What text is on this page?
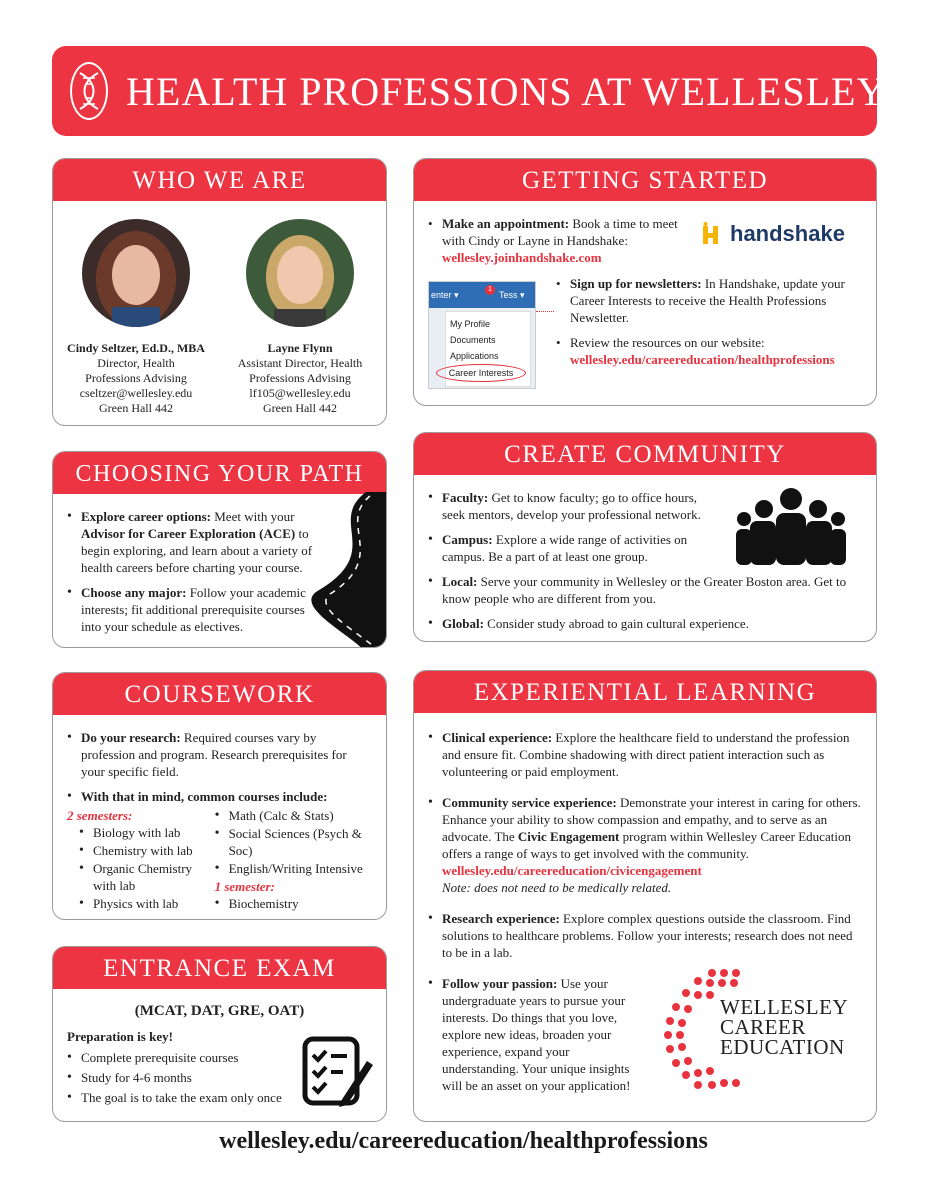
HEALTH PROFESSIONS AT WELLESLEY
WHO WE ARE
Cindy Seltzer, Ed.D., MBA
Director, Health
Professions Advising
cseltzer@wellesley.edu
Green Hall 442
Layne Flynn
Assistant Director, Health
Professions Advising
lf105@wellesley.edu
Green Hall 442
GETTING STARTED
• Make an appointment: Book a time to meet with Cindy or Layne in Handshake:
wellesley.joinhandshake.com
handshake
enter ▾	1 Tess ▾
My Profile
Documents
Applications
Career Interests
• Sign up for newsletters: In Handshake, update your Career Interests to receive the Health Professions Newsletter.
• Review the resources on our website:
wellesley.edu/careereducation/healthprofessions
CHOOSING YOUR PATH
• Explore career options: Meet with your Advisor for Career Exploration (ACE) to begin exploring, and learn about a variety of health careers before charting your course.
• Choose any major: Follow your academic interests; fit additional prerequisite courses into your schedule as electives.
CREATE COMMUNITY
• Faculty: Get to know faculty; go to office hours, seek mentors, develop your professional network.
• Campus: Explore a wide range of activities on campus. Be a part of at least one group.
• Local: Serve your community in Wellesley or the Greater Boston area. Get to know people who are different from you.
• Global: Consider study abroad to gain cultural experience.
COURSEWORK
• Do your research: Required courses vary by profession and program. Research prerequisites for your specific field.
• With that in mind, common courses include:
2 semesters:
• Biology with lab
• Chemistry with lab
• Organic Chemistry with lab
• Physics with lab
• Math (Calc & Stats)
• Social Sciences (Psych & Soc)
• English/Writing Intensive
1 semester:
• Biochemistry
ENTRANCE EXAM
(MCAT, DAT, GRE, OAT)
Preparation is key!
• Complete prerequisite courses
• Study for 4-6 months
• The goal is to take the exam only once
EXPERIENTIAL LEARNING
• Clinical experience: Explore the healthcare field to understand the profession and ensure fit. Combine shadowing with direct patient interaction such as volunteering or paid employment.
• Community service experience: Demonstrate your interest in caring for others. Enhance your ability to show compassion and empathy, and to serve as an advocate. The Civic Engagement program within Wellesley Career Education offers a range of ways to get involved with the community.
wellesley.edu/careereducation/civicengagement
Note: does not need to be medically related.
• Research experience: Explore complex questions outside the classroom. Find solutions to healthcare problems. Follow your interests; research does not need to be in a lab.
• Follow your passion: Use your undergraduate years to pursue your interests. Do things that you love, explore new ideas, broaden your experience, expand your understanding. Your unique insights will be an asset on your application!
WELLESLEY
CAREER
EDUCATION
wellesley.edu/careereducation/healthprofessions
